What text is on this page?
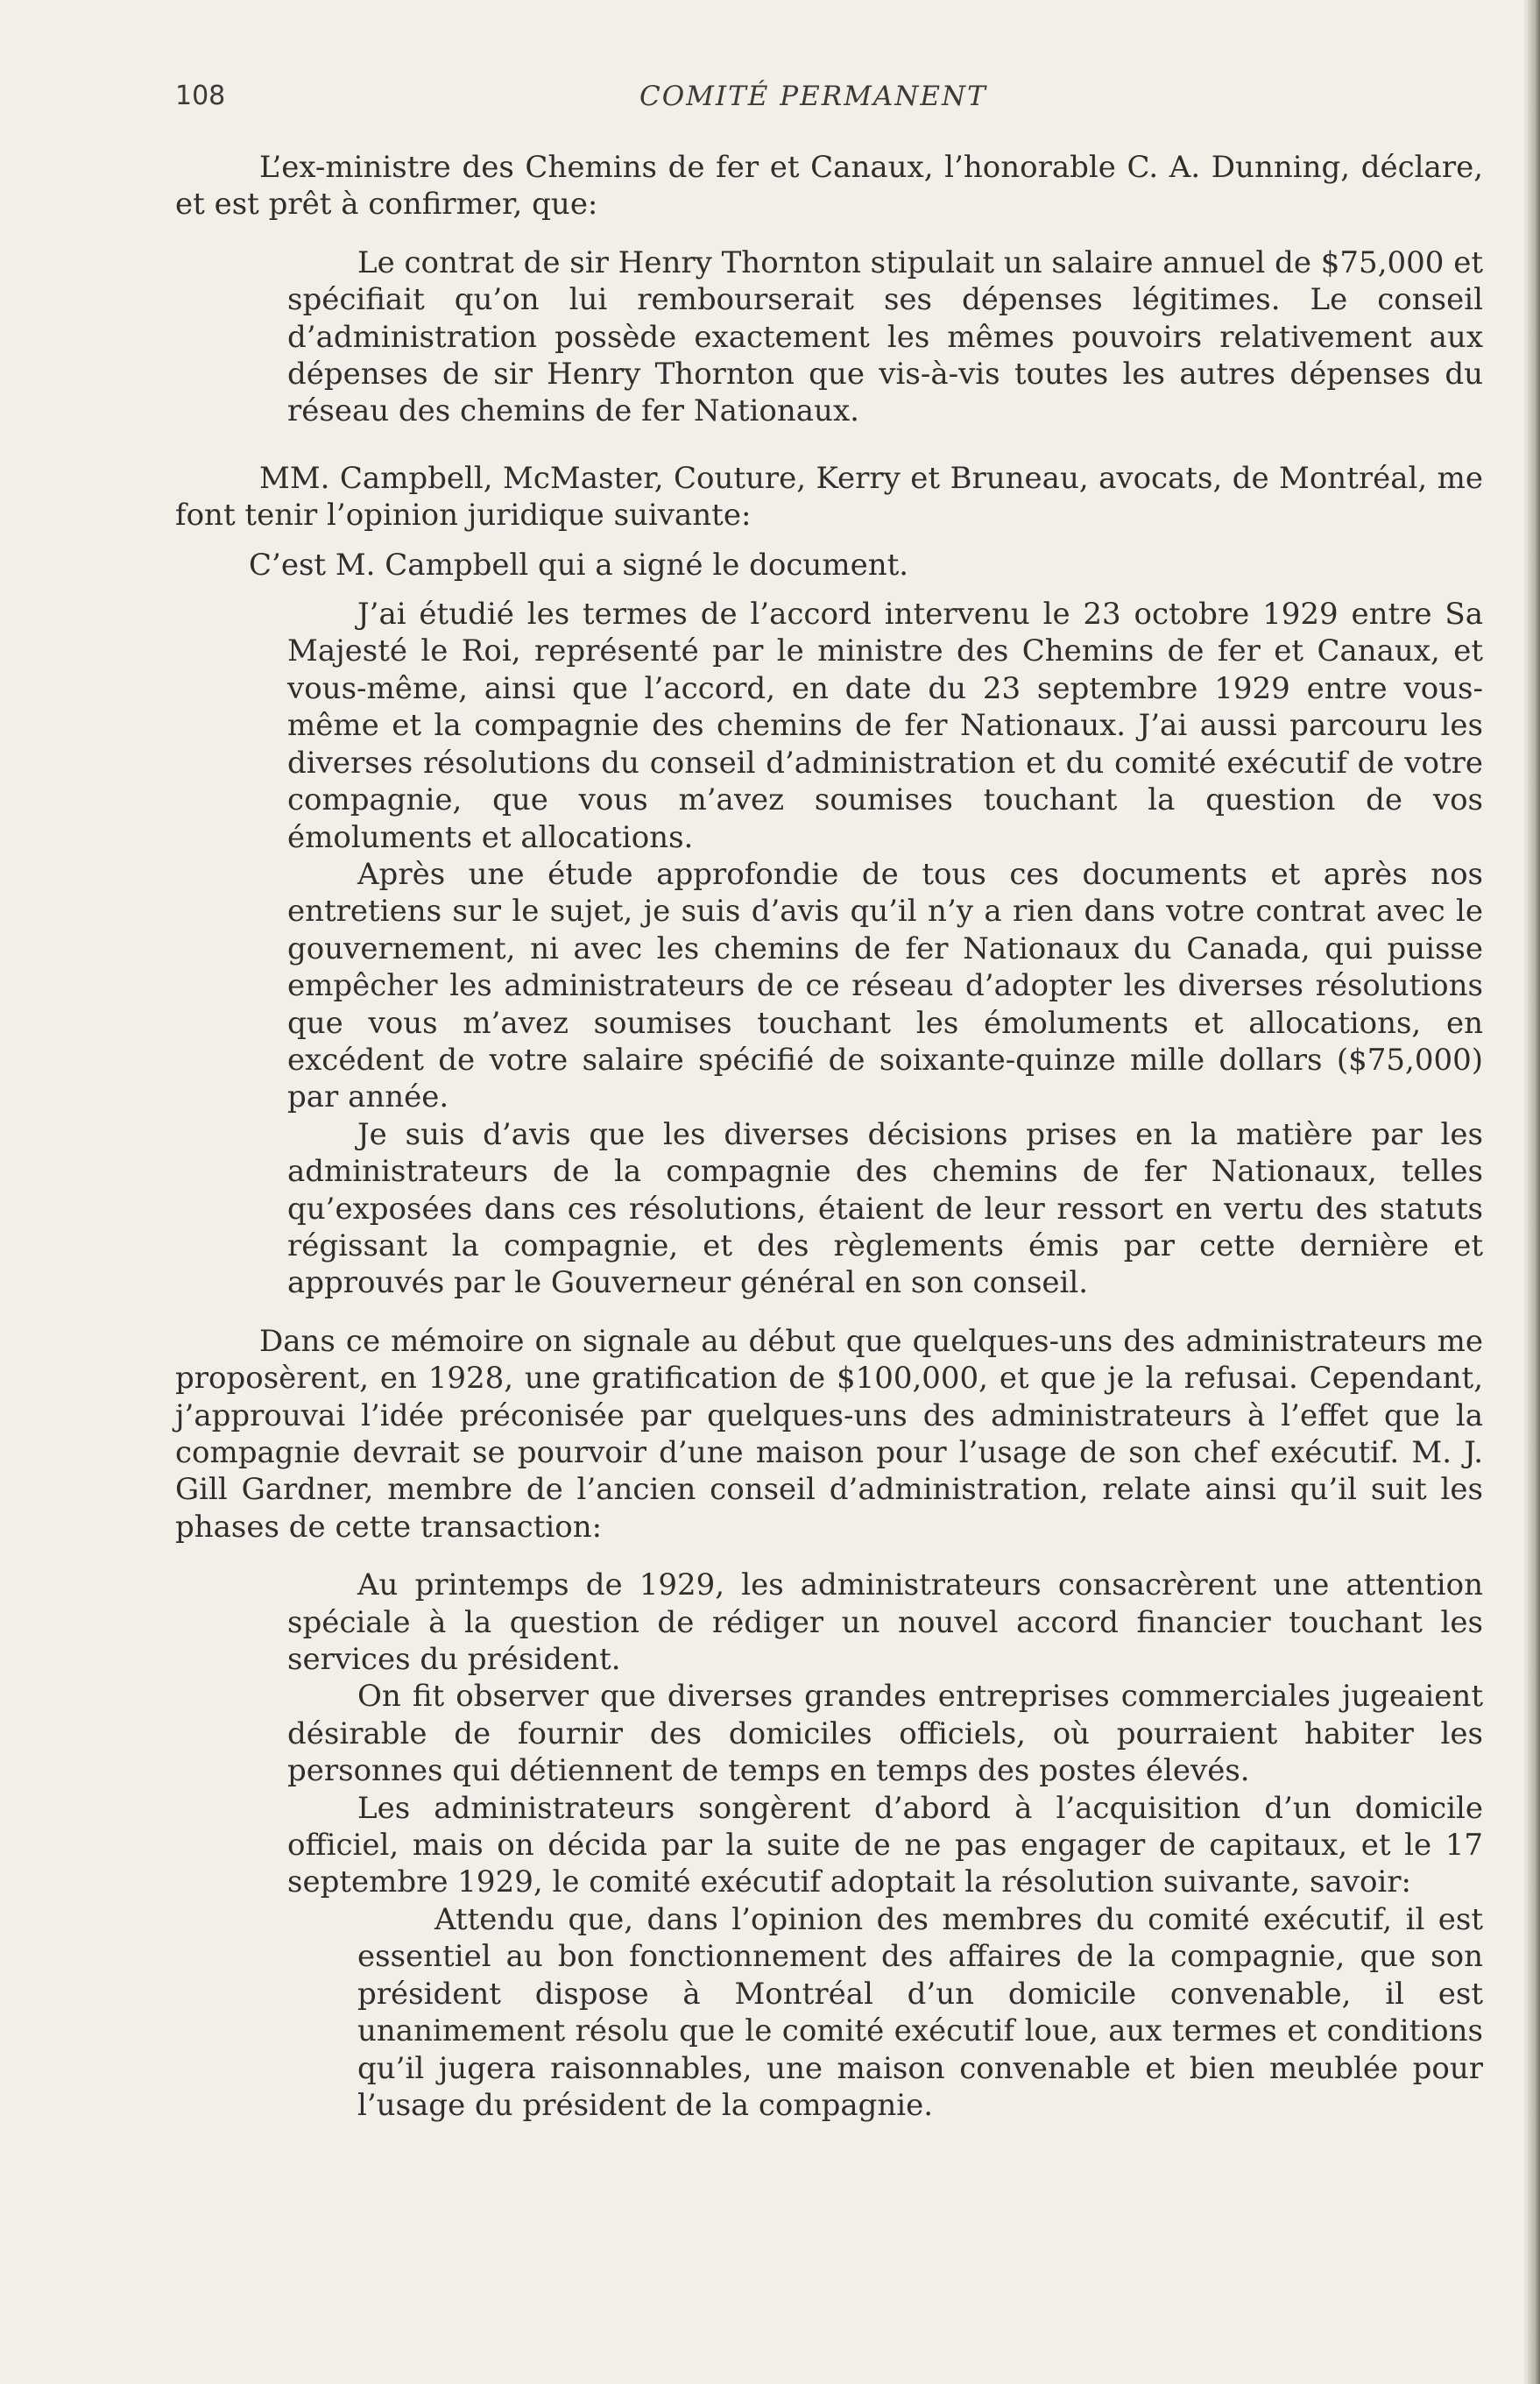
108	COMITÉ PERMANENT

L’ex-ministre des Chemins de fer et Canaux, l’honorable C. A. Dunning, déclare, et est prêt à confirmer, que:

Le contrat de sir Henry Thornton stipulait un salaire annuel de $75,000 et spécifiait qu’on lui rembourserait ses dépenses légitimes. Le conseil d’administration possède exactement les mêmes pouvoirs relativement aux dépenses de sir Henry Thornton que vis-à-vis toutes les autres dépenses du réseau des chemins de fer Nationaux.

MM. Campbell, McMaster, Couture, Kerry et Bruneau, avocats, de Montréal, me font tenir l’opinion juridique suivante:

C’est M. Campbell qui a signé le document.

J’ai étudié les termes de l’accord intervenu le 23 octobre 1929 entre Sa Majesté le Roi, représenté par le ministre des Chemins de fer et Canaux, et vous-même, ainsi que l’accord, en date du 23 septembre 1929 entre vous-même et la compagnie des chemins de fer Nationaux. J’ai aussi parcouru les diverses résolutions du conseil d’administration et du comité exécutif de votre compagnie, que vous m’avez soumises touchant la question de vos émoluments et allocations.

Après une étude approfondie de tous ces documents et après nos entretiens sur le sujet, je suis d’avis qu’il n’y a rien dans votre contrat avec le gouvernement, ni avec les chemins de fer Nationaux du Canada, qui puisse empêcher les administrateurs de ce réseau d’adopter les diverses résolutions que vous m’avez soumises touchant les émoluments et allocations, en excédent de votre salaire spécifié de soixante-quinze mille dollars ($75,000) par année.

Je suis d’avis que les diverses décisions prises en la matière par les administrateurs de la compagnie des chemins de fer Nationaux, telles qu’exposées dans ces résolutions, étaient de leur ressort en vertu des statuts régissant la compagnie, et des règlements émis par cette dernière et approuvés par le Gouverneur général en son conseil.

Dans ce mémoire on signale au début que quelques-uns des administrateurs me proposèrent, en 1928, une gratification de $100,000, et que je la refusai. Cependant, j’approuvai l’idée préconisée par quelques-uns des administrateurs à l’effet que la compagnie devrait se pourvoir d’une maison pour l’usage de son chef exécutif. M. J. Gill Gardner, membre de l’ancien conseil d’administration, relate ainsi qu’il suit les phases de cette transaction:

Au printemps de 1929, les administrateurs consacrèrent une attention spéciale à la question de rédiger un nouvel accord financier touchant les services du président.

On fit observer que diverses grandes entreprises commerciales jugeaient désirable de fournir des domiciles officiels, où pourraient habiter les personnes qui détiennent de temps en temps des postes élevés.

Les administrateurs songèrent d’abord à l’acquisition d’un domicile officiel, mais on décida par la suite de ne pas engager de capitaux, et le 17 septembre 1929, le comité exécutif adoptait la résolution suivante, savoir:

Attendu que, dans l’opinion des membres du comité exécutif, il est essentiel au bon fonctionnement des affaires de la compagnie, que son président dispose à Montréal d’un domicile convenable, il est unanimement résolu que le comité exécutif loue, aux termes et conditions qu’il jugera raisonnables, une maison convenable et bien meublée pour l’usage du président de la compagnie.
